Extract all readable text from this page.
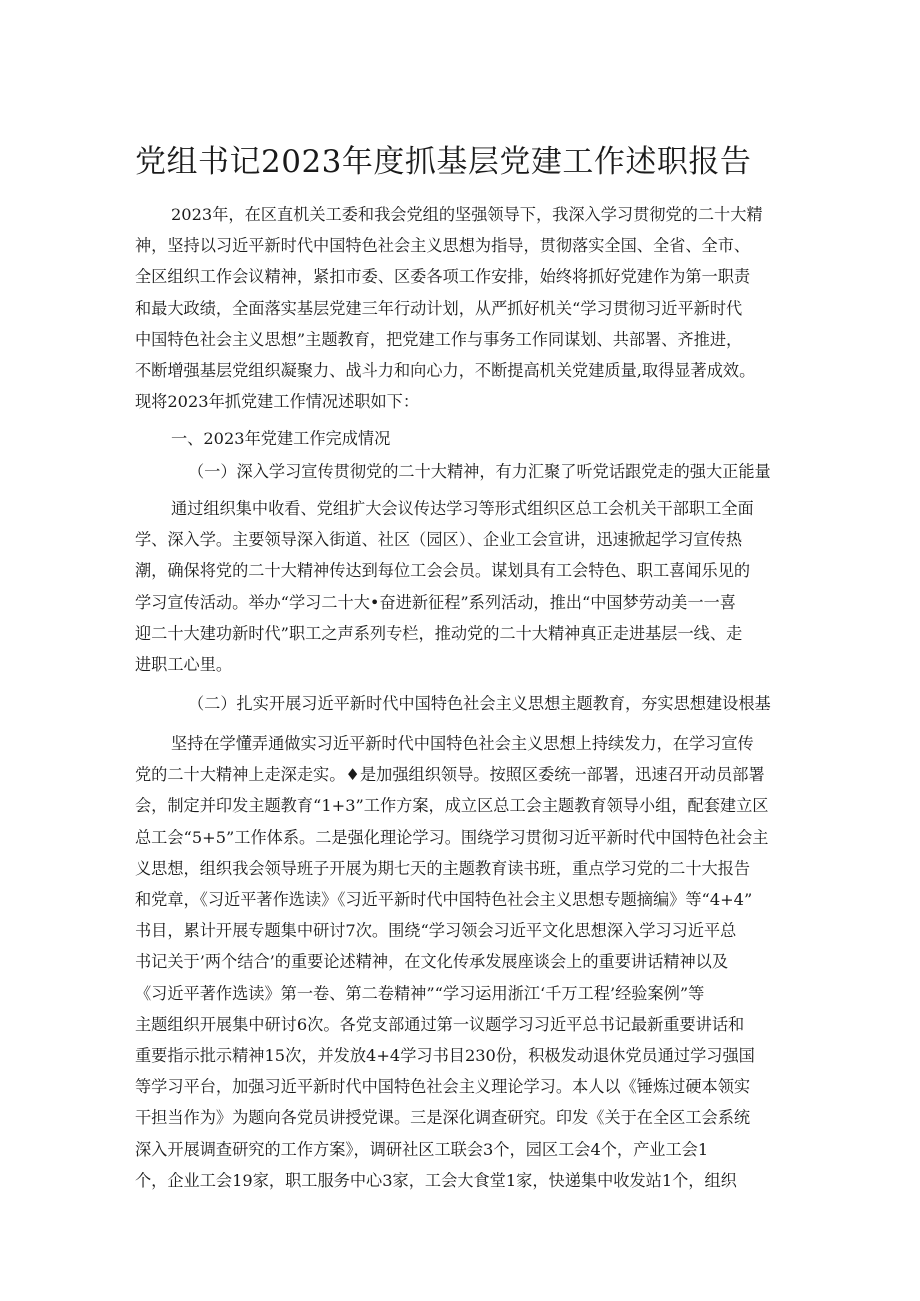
党组书记2023年度抓基层党建工作述职报告
2023年，在区直机关工委和我会党组的坚强领导下，我深入学习贯彻党的二十大精
神，坚持以习近平新时代中国特色社会主义思想为指导，贯彻落实全国、全省、全市、
全区组织工作会议精神，紧扣市委、区委各项工作安排，始终将抓好党建作为第一职责
和最大政绩，全面落实基层党建三年行动计划，从严抓好机关“学习贯彻习近平新时代
中国特色社会主义思想”主题教育，把党建工作与事务工作同谋划、共部署、齐推进，
不断增强基层党组织凝聚力、战斗力和向心力，不断提高机关党建质量,取得显著成效。
现将2023年抓党建工作情况述职如下：

一、2023年党建工作完成情况

（一）深入学习宣传贯彻党的二十大精神，有力汇聚了听党话跟党走的强大正能量

通过组织集中收看、党组扩大会议传达学习等形式组织区总工会机关干部职工全面
学、深入学。主要领导深入街道、社区（园区）、企业工会宣讲，迅速掀起学习宣传热
潮，确保将党的二十大精神传达到每位工会会员。谋划具有工会特色、职工喜闻乐见的
学习宣传活动。举办“学习二十大•奋进新征程”系列活动，推出“中国梦劳动美一一喜
迎二十大建功新时代”职工之声系列专栏，推动党的二十大精神真正走进基层一线、走
进职工心里。

（二）扎实开展习近平新时代中国特色社会主义思想主题教育，夯实思想建设根基

坚持在学懂弄通做实习近平新时代中国特色社会主义思想上持续发力，在学习宣传
党的二十大精神上走深走实。♦是加强组织领导。按照区委统一部署，迅速召开动员部署
会，制定并印发主题教育“1+3”工作方案，成立区总工会主题教育领导小组，配套建立区
总工会“5+5”工作体系。二是强化理论学习。围绕学习贯彻习近平新时代中国特色社会主
义思想，组织我会领导班子开展为期七天的主题教育读书班，重点学习党的二十大报告
和党章，《习近平著作选读》《习近平新时代中国特色社会主义思想专题摘编》等“4+4”
书目，累计开展专题集中研讨7次。围绕“学习领会习近平文化思想深入学习习近平总
书记关于’两个结合’的重要论述精神，在文化传承发展座谈会上的重要讲话精神以及
《习近平著作选读》第一卷、第二卷精神”“学习运用浙江‘千万工程’经验案例”等
主题组织开展集中研讨6次。各党支部通过第一议题学习习近平总书记最新重要讲话和
重要指示批示精神15次，并发放4+4学习书目230份，积极发动退休党员通过学习强国
等学习平台，加强习近平新时代中国特色社会主义理论学习。本人以《锤炼过硬本领实
干担当作为》为题向各党员讲授党课。三是深化调查研究。印发《关于在全区工会系统
深入开展调查研究的工作方案》，调研社区工联会3个，园区工会4个，产业工会1
个，企业工会19家，职工服务中心3家，工会大食堂1家，快递集中收发站1个，组织
